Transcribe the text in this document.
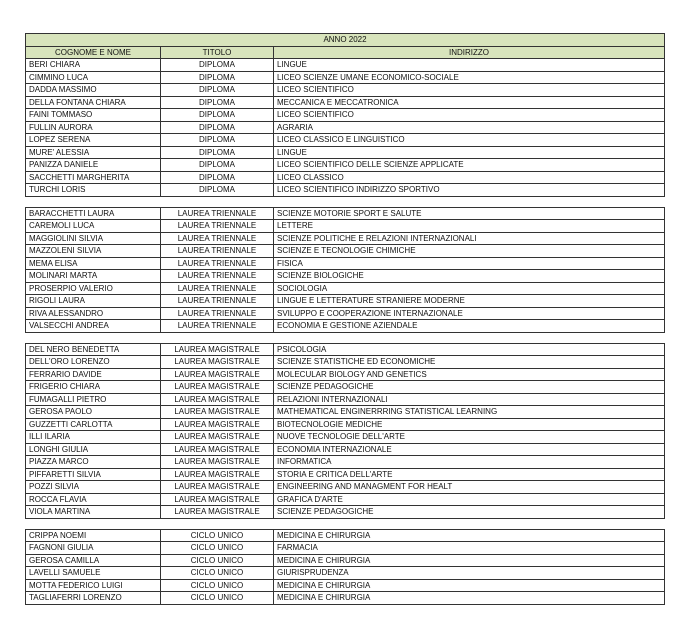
ANNO 2022		
COGNOME E NOME	TITOLO	INDIRIZZO
BERI CHIARA	DIPLOMA	LINGUE
CIMMINO LUCA	DIPLOMA	LICEO SCIENZE UMANE ECONOMICO-SOCIALE
DADDA MASSIMO	DIPLOMA	LICEO SCIENTIFICO
DELLA FONTANA CHIARA	DIPLOMA	MECCANICA E MECCATRONICA
FAINI TOMMASO	DIPLOMA	LICEO SCIENTIFICO
FULLIN AURORA	DIPLOMA	AGRARIA
LOPEZ SERENA	DIPLOMA	LICEO CLASSICO E LINGUISTICO
MURE' ALESSIA	DIPLOMA	LINGUE
PANIZZA DANIELE	DIPLOMA	LICEO SCIENTIFICO DELLE SCIENZE APPLICATE
SACCHETTI MARGHERITA	DIPLOMA	LICEO CLASSICO
TURCHI LORIS	DIPLOMA	LICEO SCIENTIFICO INDIRIZZO SPORTIVO

BARACCHETTI LAURA	LAUREA TRIENNALE	SCIENZE MOTORIE SPORT E SALUTE
CAREMOLI LUCA	LAUREA TRIENNALE	LETTERE
MAGGIOLINI SILVIA	LAUREA TRIENNALE	SCIENZE POLITICHE E RELAZIONI INTERNAZIONALI
MAZZOLENI SILVIA	LAUREA TRIENNALE	SCIENZE E TECNOLOGIE CHIMICHE
MEMA ELISA	LAUREA TRIENNALE	FISICA
MOLINARI MARTA	LAUREA TRIENNALE	SCIENZE BIOLOGICHE
PROSERPIO VALERIO	LAUREA TRIENNALE	SOCIOLOGIA
RIGOLI LAURA	LAUREA TRIENNALE	LINGUE E LETTERATURE STRANIERE MODERNE
RIVA ALESSANDRO	LAUREA TRIENNALE	SVILUPPO E COOPERAZIONE INTERNAZIONALE
VALSECCHI ANDREA	LAUREA TRIENNALE	ECONOMIA E GESTIONE AZIENDALE

DEL NERO BENEDETTA	LAUREA MAGISTRALE	PSICOLOGIA
DELL'ORO LORENZO	LAUREA MAGISTRALE	SCIENZE STATISTICHE ED ECONOMICHE
FERRARIO DAVIDE	LAUREA MAGISTRALE	MOLECULAR BIOLOGY AND GENETICS
FRIGERIO CHIARA	LAUREA MAGISTRALE	SCIENZE PEDAGOGICHE
FUMAGALLI PIETRO	LAUREA MAGISTRALE	RELAZIONI INTERNAZIONALI
GEROSA PAOLO	LAUREA MAGISTRALE	MATHEMATICAL ENGINERRRING STATISTICAL LEARNING
GUZZETTI CARLOTTA	LAUREA MAGISTRALE	BIOTECNOLOGIE MEDICHE
ILLI ILARIA	LAUREA MAGISTRALE	NUOVE TECNOLOGIE DELL'ARTE
LONGHI GIULIA	LAUREA MAGISTRALE	ECONOMIA INTERNAZIONALE
PIAZZA MARCO	LAUREA MAGISTRALE	INFORMATICA
PIFFARETTI SILVIA	LAUREA MAGISTRALE	STORIA E CRITICA DELL'ARTE
POZZI SILVIA	LAUREA MAGISTRALE	ENGINEERING AND MANAGMENT FOR HEALT
ROCCA FLAVIA	LAUREA MAGISTRALE	GRAFICA D'ARTE
VIOLA MARTINA	LAUREA MAGISTRALE	SCIENZE PEDAGOGICHE

CRIPPA NOEMI	CICLO UNICO	MEDICINA E CHIRURGIA
FAGNONI GIULIA	CICLO UNICO	FARMACIA
GEROSA CAMILLA	CICLO UNICO	MEDICINA E CHIRURGIA
LAVELLI SAMUELE	CICLO UNICO	GIURISPRUDENZA
MOTTA FEDERICO LUIGI	CICLO UNICO	MEDICINA E CHIRURGIA
TAGLIAFERRI LORENZO	CICLO UNICO	MEDICINA E CHIRURGIA
